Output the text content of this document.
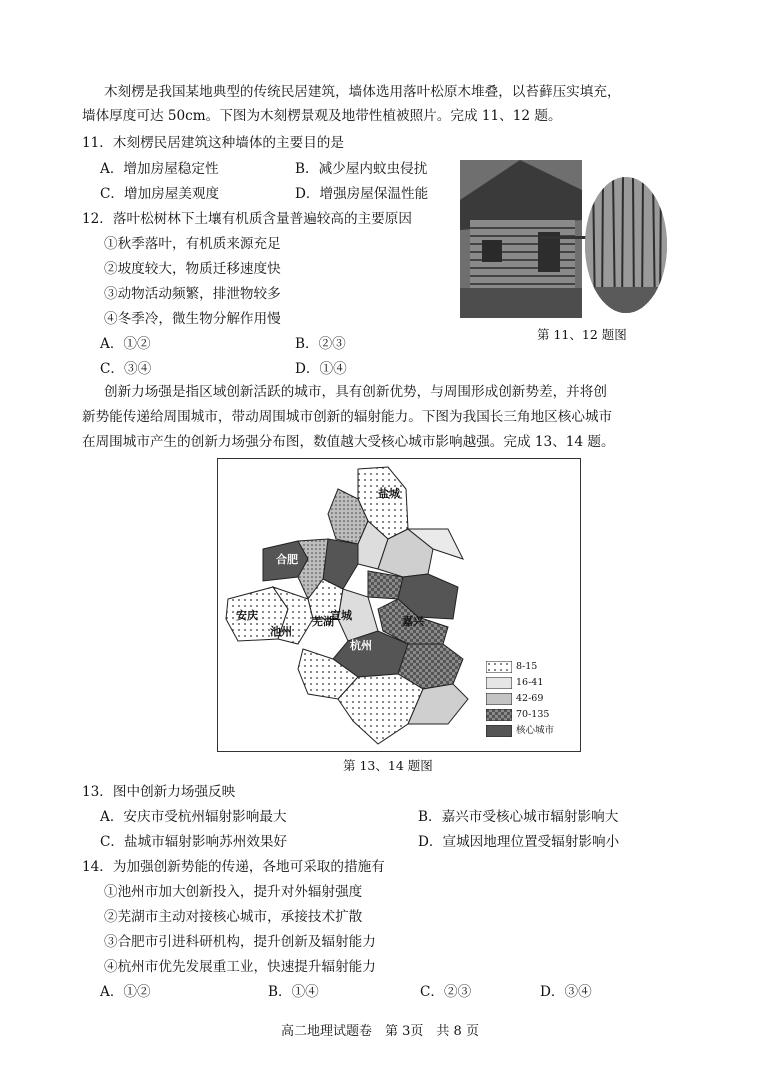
木刻楞是我国某地典型的传统民居建筑，墙体选用落叶松原木堆叠，以苔藓压实填充，
墙体厚度可达 50cm。下图为木刻楞景观及地带性植被照片。完成 11、12 题。
11．木刻楞民居建筑这种墙体的主要目的是
A．增加房屋稳定性	B．减少屋内蚊虫侵扰
C．增加房屋美观度	D．增强房屋保温性能
12．落叶松树林下土壤有机质含量普遍较高的主要原因
①秋季落叶，有机质来源充足
②坡度较大，物质迁移速度快
③动物活动频繁，排泄物较多
④冬季冷，微生物分解作用慢
A．①②	B．②③
C．③④	D．①④
第 11、12 题图
创新力场强是指区域创新活跃的城市，具有创新优势，与周围形成创新势差，并将创
新势能传递给周围城市，带动周围城市创新的辐射能力。下图为我国长三角地区核心城市
在周围城市产生的创新力场强分布图，数值越大受核心城市影响越强。完成 13、14 题。
盐城
合肥
芜湖
安庆
池州
宣城	嘉兴
杭州
8-15
16-41
42-69
70-135
核心城市
第 13、14 题图
13．图中创新力场强反映
A．安庆市受杭州辐射影响最大	B．嘉兴市受核心城市辐射影响大
C．盐城市辐射影响苏州效果好	D．宣城因地理位置受辐射影响小
14．为加强创新势能的传递，各地可采取的措施有
①池州市加大创新投入，提升对外辐射强度
②芜湖市主动对接核心城市，承接技术扩散
③合肥市引进科研机构，提升创新及辐射能力
④杭州市优先发展重工业，快速提升辐射能力
A．①②	B．①④	C．②③	D．③④
高二地理试题卷　第 3页　共 8 页
